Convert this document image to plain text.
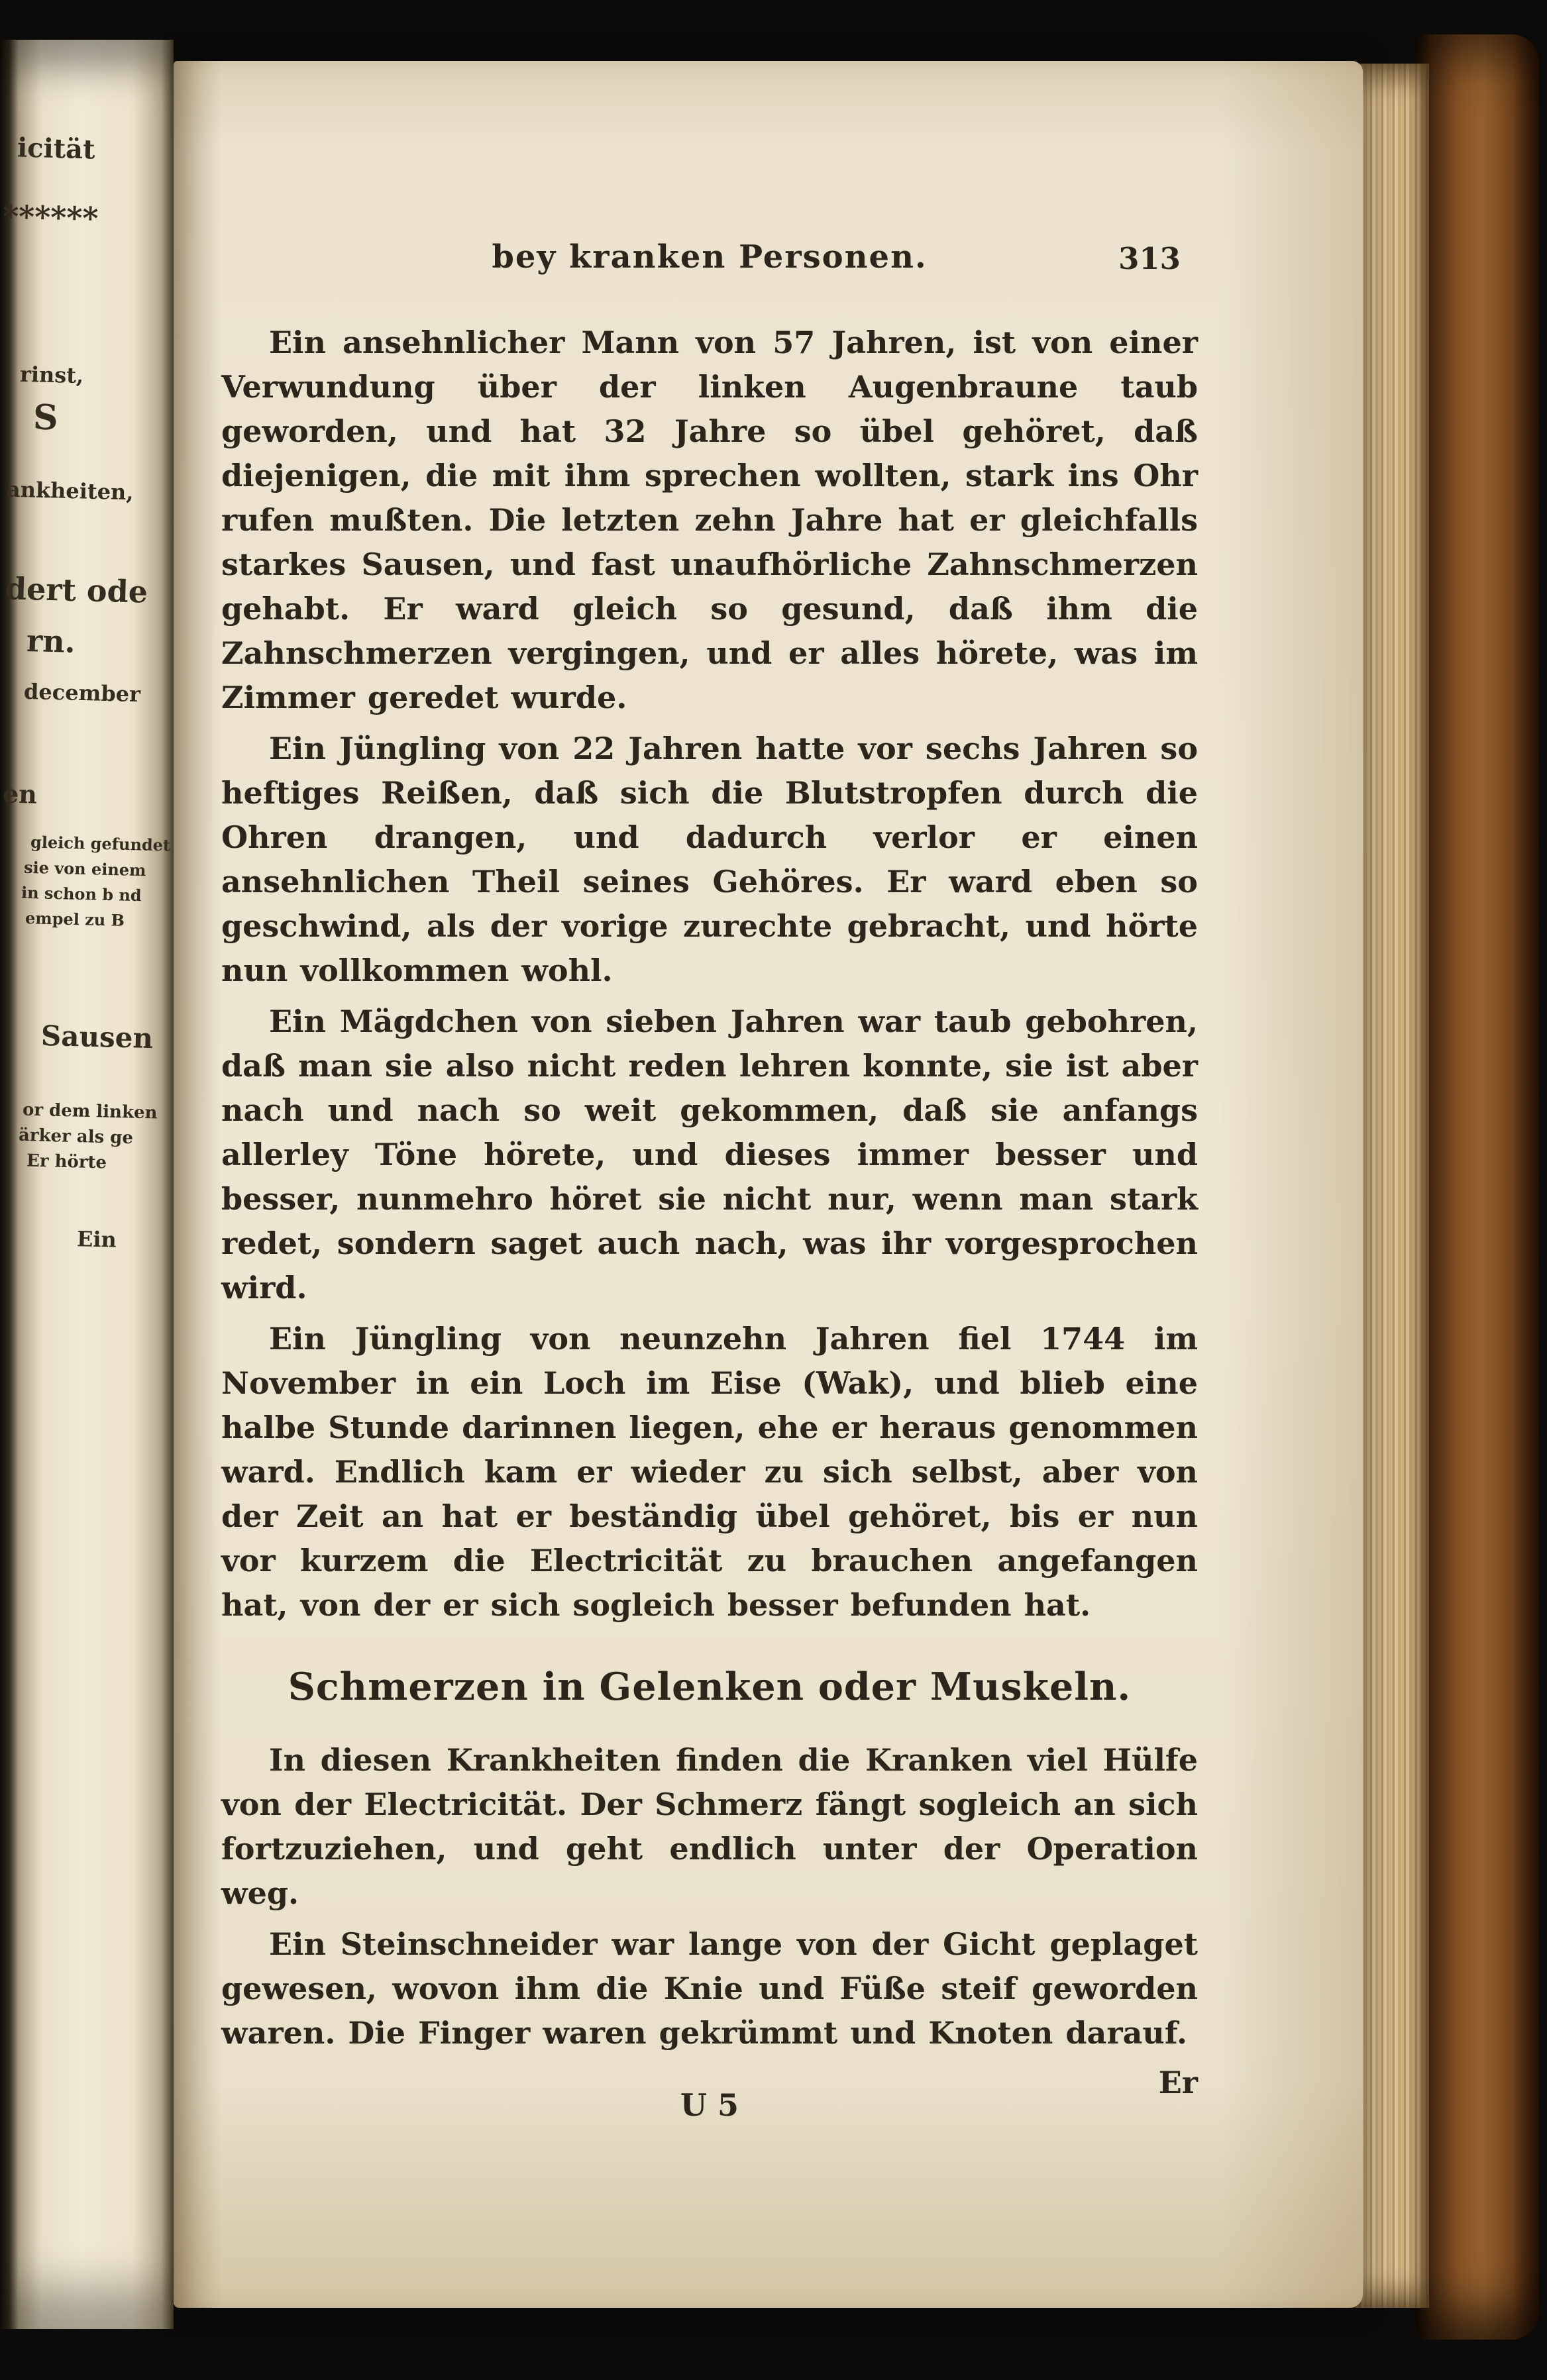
bey kranken Personen.	313

Ein ansehnlicher Mann von 57 Jahren, ist von einer Verwundung über der linken Augenbraune taub geworden, und hat 32 Jahre so übel gehöret, daß diejenigen, die mit ihm sprechen wollten, stark ins Ohr rufen mußten. Die letzten zehn Jahre hat er gleichfalls starkes Sausen, und fast unaufhörliche Zahnschmerzen gehabt. Er ward gleich so gesund, daß ihm die Zahnschmerzen vergingen, und er alles hörete, was im Zimmer geredet wurde.

Ein Jüngling von 22 Jahren hatte vor sechs Jahren so heftiges Reißen, daß sich die Blutstropfen durch die Ohren drangen, und dadurch verlor er einen ansehnlichen Theil seines Gehöres. Er ward eben so geschwind, als der vorige zurechte gebracht, und hörte nun vollkommen wohl.

Ein Mägdchen von sieben Jahren war taub gebohren, daß man sie also nicht reden lehren konnte, sie ist aber nach und nach so weit gekommen, daß sie anfangs allerley Töne hörete, und dieses immer besser und besser, nunmehro höret sie nicht nur, wenn man stark redet, sondern saget auch nach, was ihr vorgesprochen wird.

Ein Jüngling von neunzehn Jahren fiel 1744 im November in ein Loch im Eise (Wak), und blieb eine halbe Stunde darinnen liegen, ehe er heraus genommen ward. Endlich kam er wieder zu sich selbst, aber von der Zeit an hat er beständig übel gehöret, bis er nun vor kurzem die Electricität zu brauchen angefangen hat, von der er sich sogleich besser befunden hat.

Schmerzen in Gelenken oder Muskeln.

In diesen Krankheiten finden die Kranken viel Hülfe von der Electricität. Der Schmerz fängt sogleich an sich fortzuziehen, und geht endlich unter der Operation weg.

Ein Steinschneider war lange von der Gicht geplaget gewesen, wovon ihm die Knie und Füße steif geworden waren. Die Finger waren gekrümmt und Knoten darauf.

Er
U 5
icität
******
rinst,
S
ankheiten,
dert ode
rn.
december
en
gleich gefundet
sie von einem
in schon b nd
empel zu B
Sausen
or dem linken
ärker als ge
Er hörte
Ein
